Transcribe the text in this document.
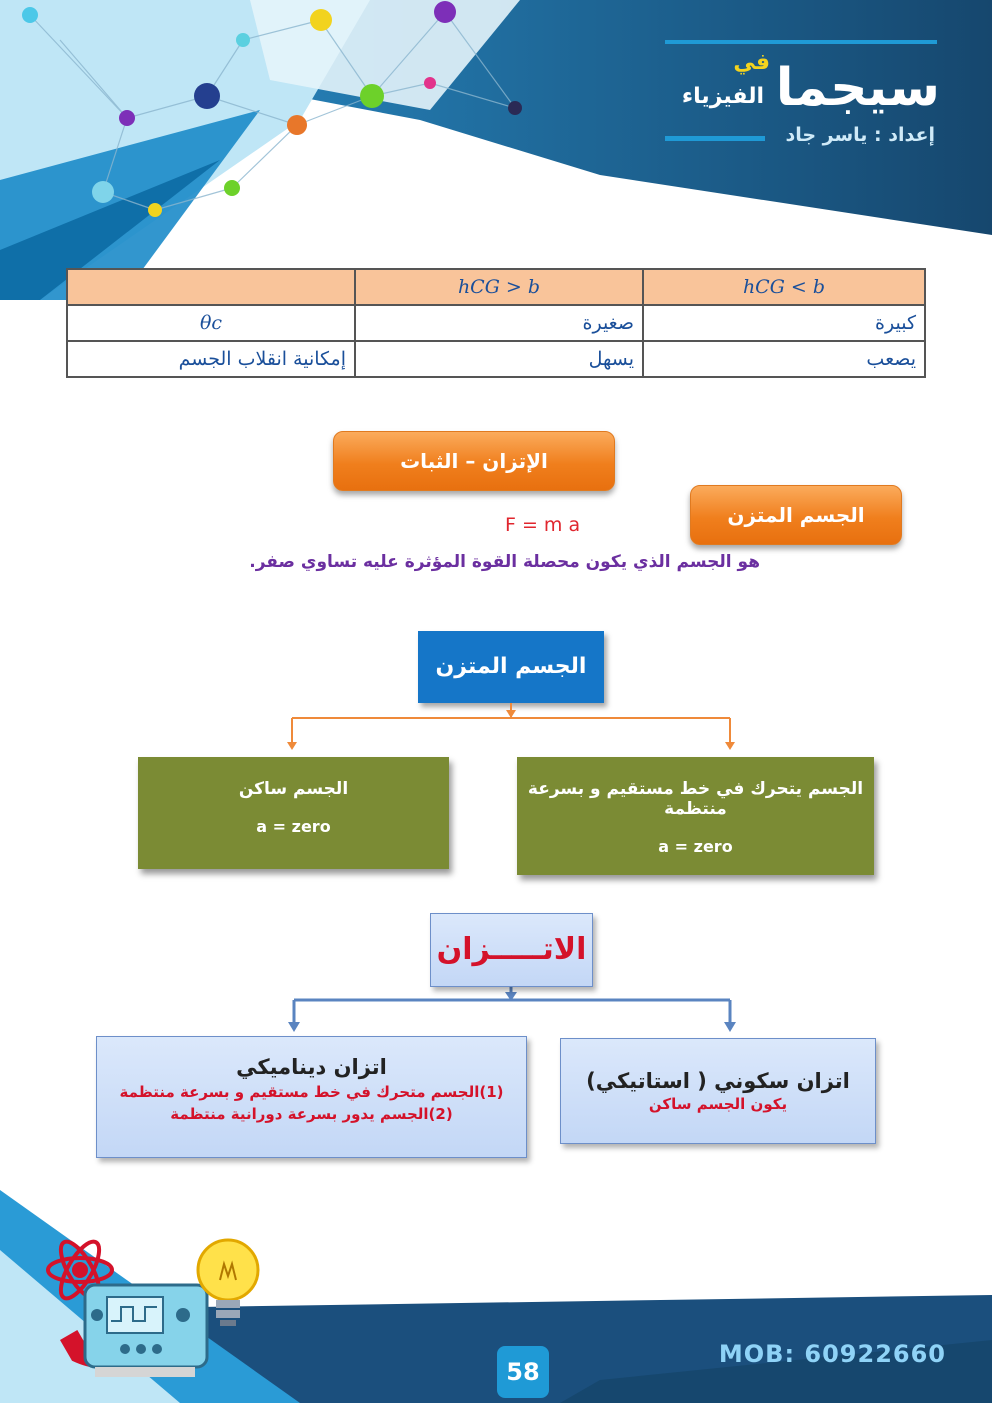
سيجما
في
الفيزياء
إعداد : ياسر جاد
	hCG > b	hCG < b
θc	صغيرة	كبيرة
إمكانية انقلاب الجسم	يسهل	يصعب
الإتزان – الثبات
الجسم المتزن
F = m a
هو الجسم الذي يكون محصلة القوة المؤثرة عليه تساوي صفر.
الجسم المتزن
الجسم ساكن
a = zero
الجسم يتحرك في خط مستقيم و بسرعة منتظمة
a = zero
الاتـــــزان
اتزان ديناميكي
(1)الجسم متحرك في خط مستقيم و بسرعة منتظمة
(2)الجسم يدور بسرعة دورانية منتظمة
اتزان سكوني ( استاتيكي)
يكون الجسم ساكن
58
MOB: 60922660
